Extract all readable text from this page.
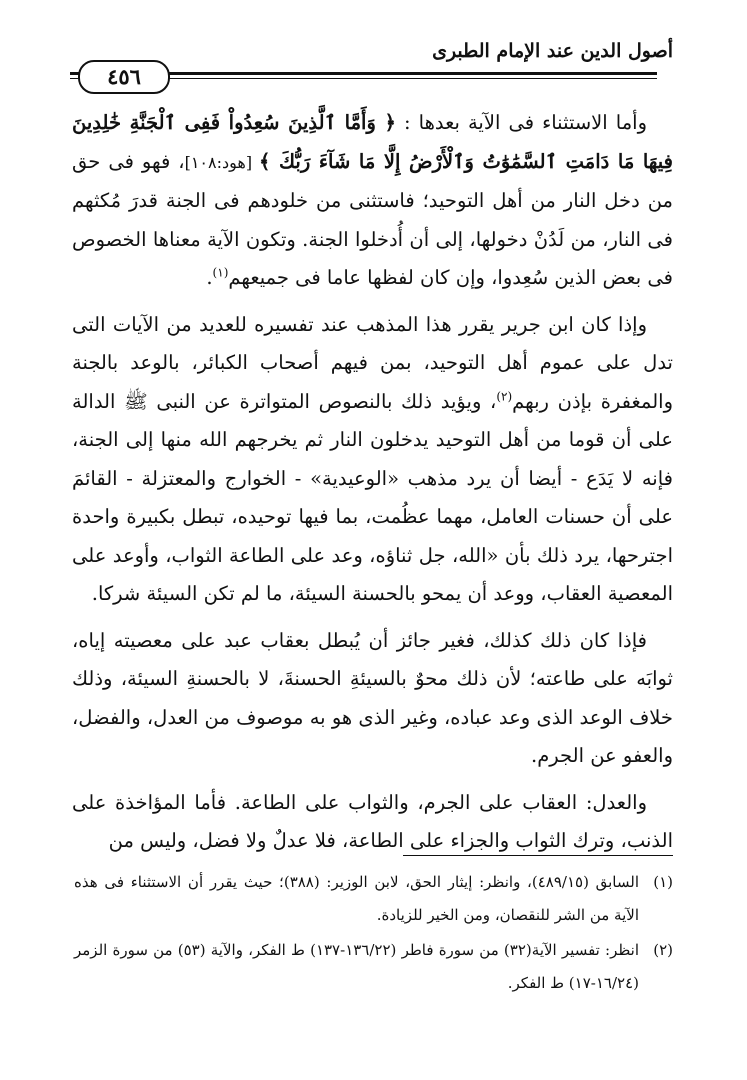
أصول الدين عند الإمام الطبرى
٤٥٦

وأما الاستثناء فى الآية بعدها : ﴿ وَأَمَّا ٱلَّذِينَ سُعِدُواْ فَفِى ٱلْجَنَّةِ خَٰلِدِينَ فِيهَا مَا دَامَتِ ٱلسَّمَٰوَٰتُ وَٱلْأَرْضُ إِلَّا مَا شَآءَ رَبُّكَ ﴾ [هود:١٠٨]، فهو فى حق من دخل النار من أهل التوحيد؛ فاستثنى من خلودهم فى الجنة قدرَ مُكثهم فى النار، من لَدُنْ دخولها، إلى أن أُدخلوا الجنة. وتكون الآية معناها الخصوص فى بعض الذين سُعِدوا، وإن كان لفظها عاما فى جميعهم$^{(١)}$.

وإذا كان ابن جرير يقرر هذا المذهب عند تفسيره للعديد من الآيات التى تدل على عموم أهل التوحيد، بمن فيهم أصحاب الكبائر، بالوعد بالجنة والمغفرة بإذن ربهم$^{(٢)}$، ويؤيد ذلك بالنصوص المتواترة عن النبى ﷺ الدالة على أن قوما من أهل التوحيد يدخلون النار ثم يخرجهم الله منها إلى الجنة، فإنه لا يَدَع - أيضا أن يرد مذهب «الوعيدية» - الخوارج والمعتزلة - القائمَ على أن حسنات العامل، مهما عظُمت، بما فيها توحيده، تبطل بكبيرة واحدة اجترحها، يرد ذلك بأن «الله، جل ثناؤه، وعد على الطاعة الثواب، وأوعد على المعصية العقاب، ووعد أن يمحو بالحسنة السيئة، ما لم تكن السيئة شركا.

فإذا كان ذلك كذلك، فغير جائز أن يُبطل بعقاب عبد على معصيته إياه، ثوابَه على طاعته؛ لأن ذلك محوٌ بالسيئةِ الحسنةَ، لا بالحسنةِ السيئة، وذلك خلاف الوعد الذى وعد عباده، وغير الذى هو به موصوف من العدل، والفضل، والعفو عن الجرم.

والعدل: العقاب على الجرم، والثواب على الطاعة. فأما المؤاخذة على الذنب، وترك الثواب والجزاء على الطاعة، فلا عدلٌ ولا فضل، وليس من

(١)
السابق (٤٨٩/١٥)، وانظر: إيثار الحق، لابن الوزير: (٣٨٨)؛ حيث يقرر أن الاستثناء فى هذه الآية من الشر للنقصان، ومن الخير للزيادة.
(٢)
انظر: تفسير الآية(٣٢) من سورة فاطر (١٣٦/٢٢-١٣٧) ط الفكر، والآية (٥٣) من سورة الزمر (١٦/٢٤-١٧) ط الفكر.
